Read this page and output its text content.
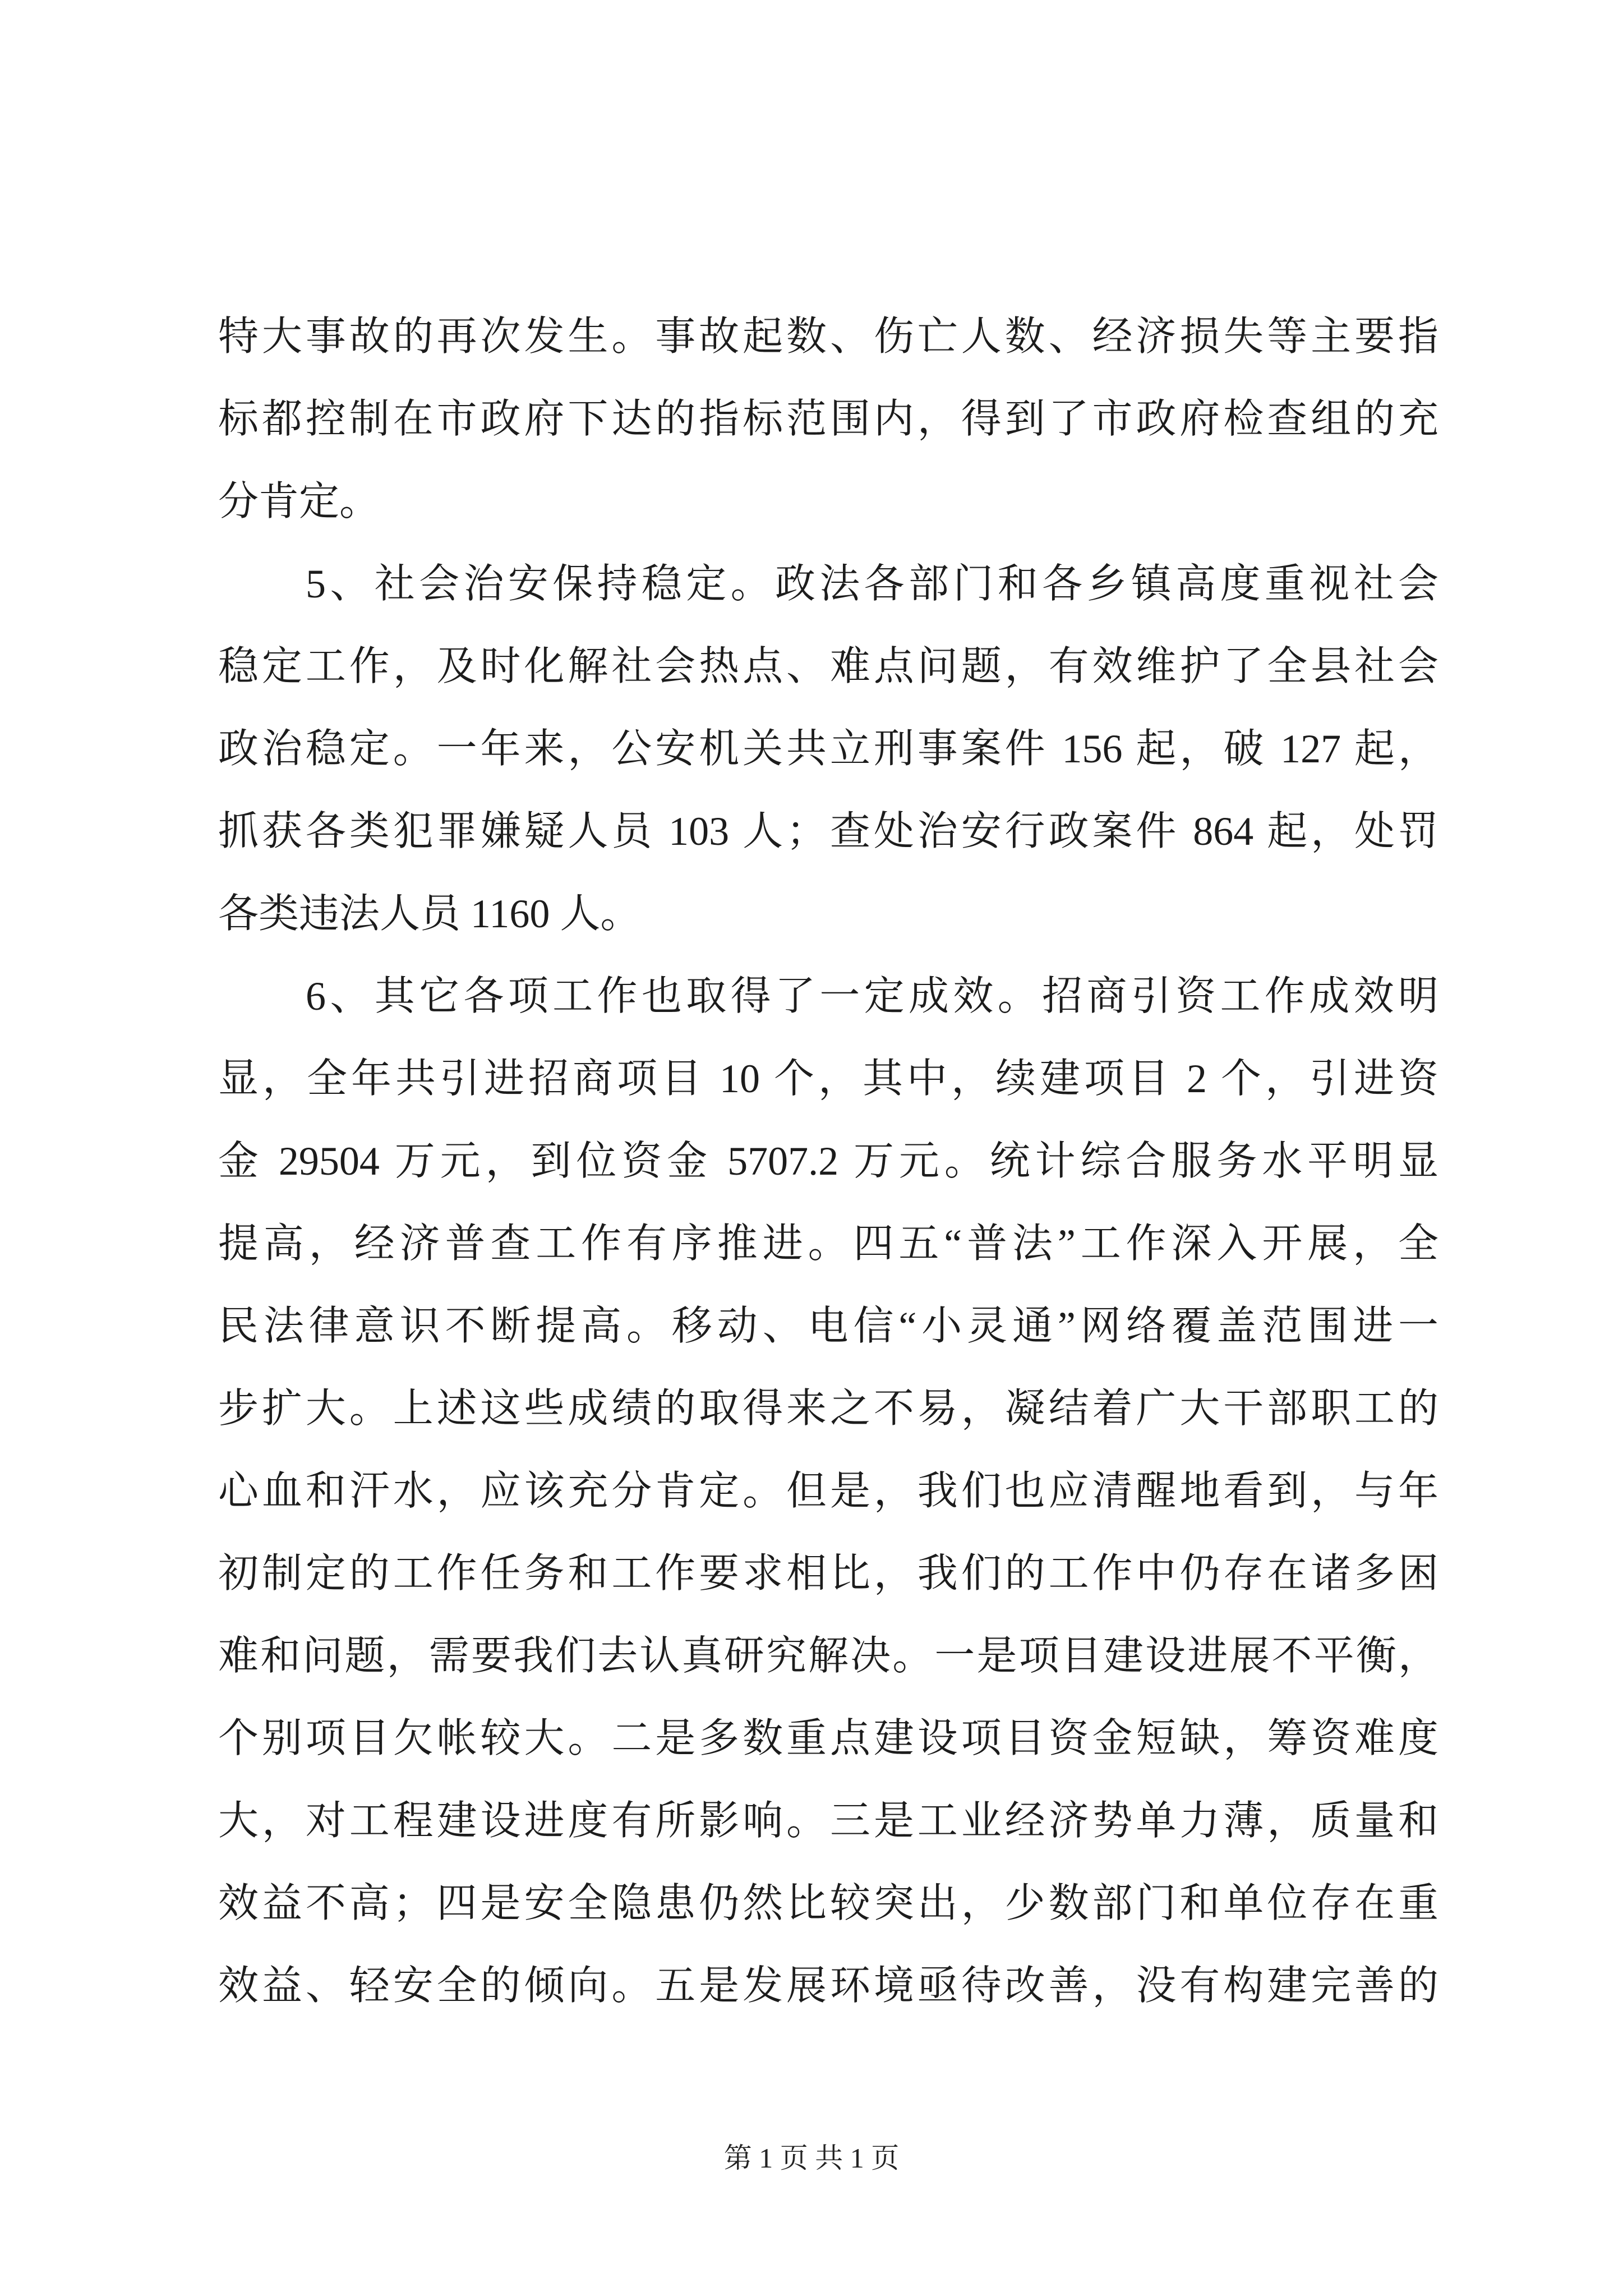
特大事故的再次发生。事故起数、伤亡人数、经济损失等主要指
标都控制在市政府下达的指标范围内，得到了市政府检查组的充
分肯定。
5、社会治安保持稳定。政法各部门和各乡镇高度重视社会
稳定工作，及时化解社会热点、难点问题，有效维护了全县社会
政治稳定。一年来，公安机关共立刑事案件 156 起，破 127 起，
抓获各类犯罪嫌疑人员 103 人；查处治安行政案件 864 起，处罚
各类违法人员 1160 人。
6、其它各项工作也取得了一定成效。招商引资工作成效明
显，全年共引进招商项目 10 个，其中，续建项目 2 个，引进资
金 29504 万元，到位资金 5707.2 万元。统计综合服务水平明显
提高，经济普查工作有序推进。四五“普法”工作深入开展，全
民法律意识不断提高。移动、电信“小灵通”网络覆盖范围进一
步扩大。上述这些成绩的取得来之不易，凝结着广大干部职工的
心血和汗水，应该充分肯定。但是，我们也应清醒地看到，与年
初制定的工作任务和工作要求相比，我们的工作中仍存在诸多困
难和问题，需要我们去认真研究解决。一是项目建设进展不平衡，
个别项目欠帐较大。二是多数重点建设项目资金短缺，筹资难度
大，对工程建设进度有所影响。三是工业经济势单力薄，质量和
效益不高；四是安全隐患仍然比较突出，少数部门和单位存在重
效益、轻安全的倾向。五是发展环境亟待改善，没有构建完善的
第 1 页 共 1 页
